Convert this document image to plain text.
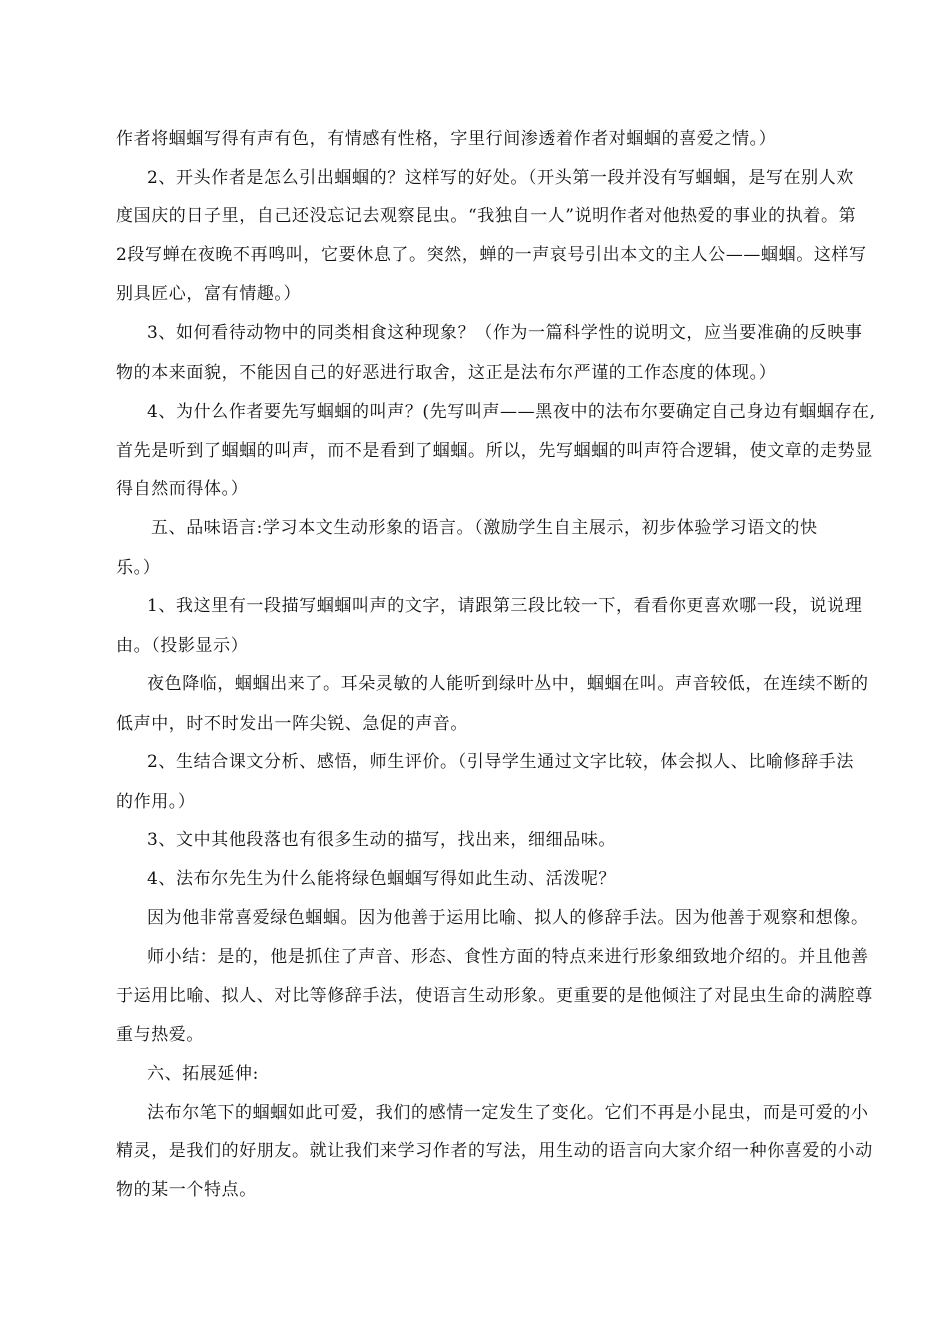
作者将蝈蝈写得有声有色，有情感有性格，字里行间渗透着作者对蝈蝈的喜爱之情。）
2、开头作者是怎么引出蝈蝈的？这样写的好处。（开头第一段并没有写蝈蝈，是写在别人欢
度国庆的日子里，自己还没忘记去观察昆虫。“我独自一人”说明作者对他热爱的事业的执着。第
2段写蝉在夜晚不再鸣叫，它要休息了。突然，蝉的一声哀号引出本文的主人公——蝈蝈。这样写
别具匠心，富有情趣。）
3、如何看待动物中的同类相食这种现象？（作为一篇科学性的说明文，应当要准确的反映事
物的本来面貌，不能因自己的好恶进行取舍，这正是法布尔严谨的工作态度的体现。）
4、为什么作者要先写蝈蝈的叫声？(先写叫声——黑夜中的法布尔要确定自己身边有蝈蝈存在,
首先是听到了蝈蝈的叫声，而不是看到了蝈蝈。所以，先写蝈蝈的叫声符合逻辑，使文章的走势显
得自然而得体。）
五、品味语言:学习本文生动形象的语言。（激励学生自主展示，初步体验学习语文的快
乐。）
1、我这里有一段描写蝈蝈叫声的文字，请跟第三段比较一下，看看你更喜欢哪一段，说说理
由。（投影显示）
夜色降临，蝈蝈出来了。耳朵灵敏的人能听到绿叶丛中，蝈蝈在叫。声音较低，在连续不断的
低声中，时不时发出一阵尖锐、急促的声音。
2、生结合课文分析、感悟，师生评价。（引导学生通过文字比较，体会拟人、比喻修辞手法
的作用。）
3、文中其他段落也有很多生动的描写，找出来，细细品味。
4、法布尔先生为什么能将绿色蝈蝈写得如此生动、活泼呢？
因为他非常喜爱绿色蝈蝈。因为他善于运用比喻、拟人的修辞手法。因为他善于观察和想像。
师小结：是的，他是抓住了声音、形态、食性方面的特点来进行形象细致地介绍的。并且他善
于运用比喻、拟人、对比等修辞手法，使语言生动形象。更重要的是他倾注了对昆虫生命的满腔尊
重与热爱。
六、拓展延伸:
法布尔笔下的蝈蝈如此可爱，我们的感情一定发生了变化。它们不再是小昆虫，而是可爱的小
精灵，是我们的好朋友。就让我们来学习作者的写法，用生动的语言向大家介绍一种你喜爱的小动
物的某一个特点。
